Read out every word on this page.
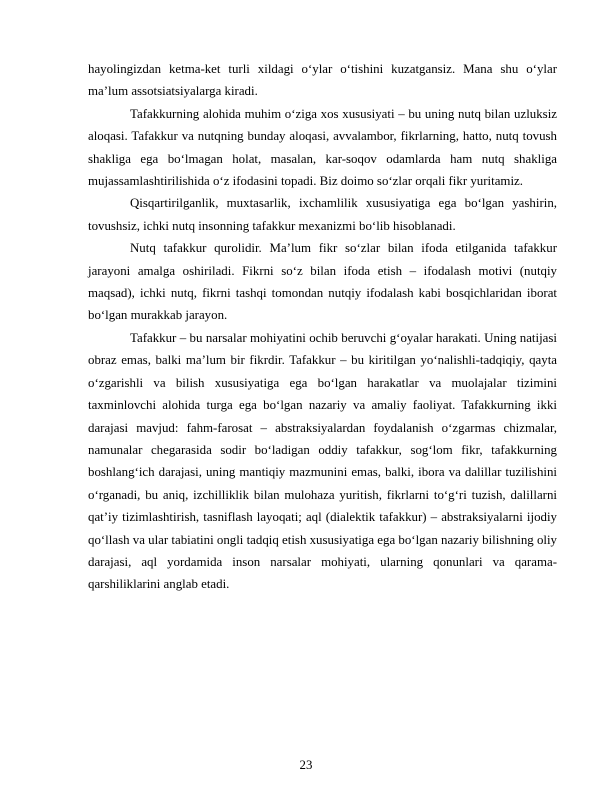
hayolingizdan ketma-ket turli xildagi o‘ylar o‘tishini kuzatgansiz. Mana shu o‘ylar ma’lum assotsiatsiyalarga kiradi.

Tafakkurning alohida muhim o‘ziga xos xususiyati – bu uning nutq bilan uzluksiz aloqasi. Tafakkur va nutqning bunday aloqasi, avvalambor, fikrlarning, hatto, nutq tovush shakliga ega bo‘lmagan holat, masalan, kar-soqov odamlarda ham nutq shakliga mujassamlashtirilishida o‘z ifodasini topadi. Biz doimo so‘zlar orqali fikr yuritamiz.

Qisqartirilganlik, muxtasarlik, ixchamlilik xususiyatiga ega bo‘lgan yashirin, tovushsiz, ichki nutq insonning tafakkur mexanizmi bo‘lib hisoblanadi.

Nutq tafakkur qurolidir. Ma’lum fikr so‘zlar bilan ifoda etilganida tafakkur jarayoni amalga oshiriladi. Fikrni so‘z bilan ifoda etish – ifodalash motivi (nutqiy maqsad), ichki nutq, fikrni tashqi tomondan nutqiy ifodalash kabi bosqichlaridan iborat bo‘lgan murakkab jarayon.

Tafakkur – bu narsalar mohiyatini ochib beruvchi g‘oyalar harakati. Uning natijasi obraz emas, balki ma’lum bir fikrdir. Tafakkur – bu kiritilgan yo‘nalishli-tadqiqiy, qayta o‘zgarishli va bilish xususiyatiga ega bo‘lgan harakatlar va muolajalar tizimini taxminlovchi alohida turga ega bo‘lgan nazariy va amaliy faoliyat. Tafakkurning ikki darajasi mavjud: fahm-farosat – abstraksiyalardan foydalanish o‘zgarmas chizmalar, namunalar chegarasida sodir bo‘ladigan oddiy tafakkur, sog‘lom fikr, tafakkurning boshlang‘ich darajasi, uning mantiqiy mazmunini emas, balki, ibora va dalillar tuzilishini o‘rganadi, bu aniq, izchilliklik bilan mulohaza yuritish, fikrlarni to‘g‘ri tuzish, dalillarni qat’iy tizimlashtirish, tasniflash layoqati; aql (dialektik tafakkur) – abstraksiyalarni ijodiy qo‘llash va ular tabiatini ongli tadqiq etish xususiyatiga ega bo‘lgan nazariy bilishning oliy darajasi, aql yordamida inson narsalar mohiyati, ularning qonunlari va qarama-qarshiliklarini anglab etadi.

23
